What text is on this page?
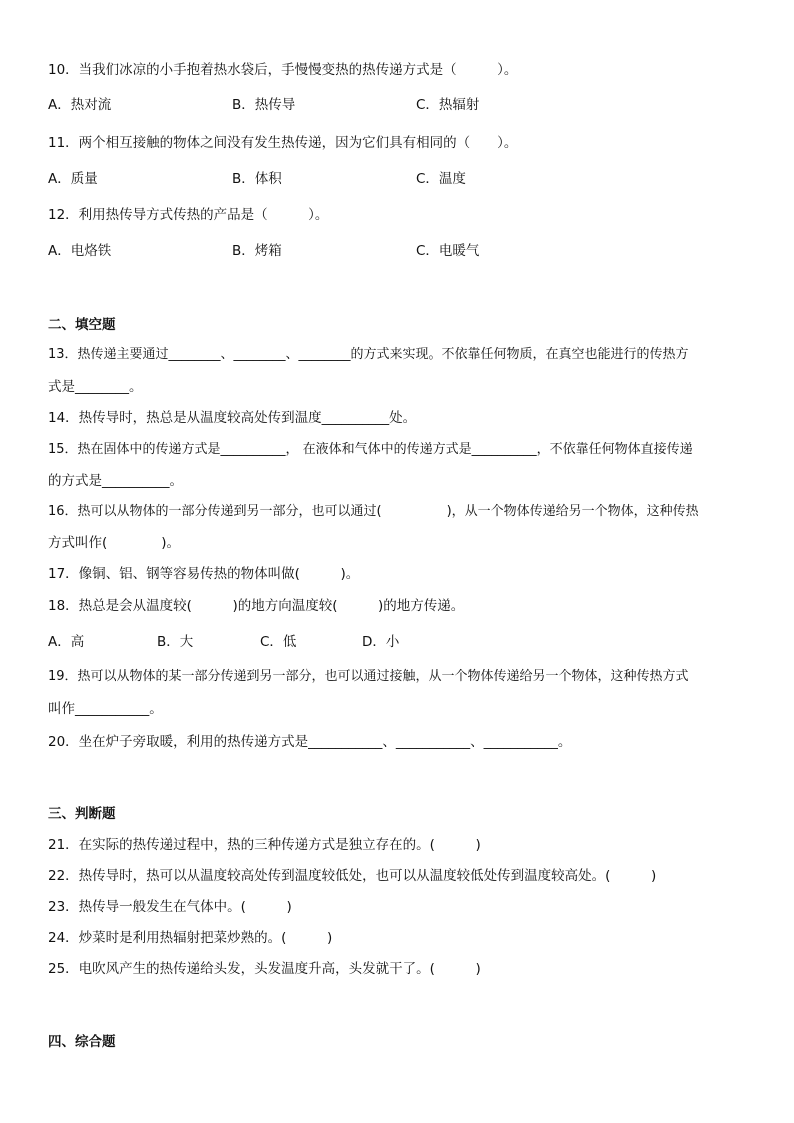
10．当我们冰凉的小手抱着热水袋后，手慢慢变热的热传递方式是（　　　）。
A．热对流	B．热传导	C．热辐射
11．两个相互接触的物体之间没有发生热传递，因为它们具有相同的（　　）。
A．质量	B．体积	C．温度
12．利用热传导方式传热的产品是（　　　）。
A．电烙铁	B．烤箱	C．电暖气
二、填空题
13．热传递主要通过________、________、________的方式来实现。不依靠任何物质，在真空也能进行的传热方
式是________。
14．热传导时，热总是从温度较高处传到温度__________处。
15．热在固体中的传递方式是__________， 在液体和气体中的传递方式是__________，不依靠任何物体直接传递
的方式是__________。
16．热可以从物体的一部分传递到另一部分，也可以通过(　　　　　)，从一个物体传递给另一个物体，这种传热
方式叫作(　　　　)。
17．像铜、铝、钢等容易传热的物体叫做(　　　)。
18．热总是会从温度较(　　　)的地方向温度较(　　　)的地方传递。
A．高	B．大	C．低	D．小
19．热可以从物体的某一部分传递到另一部分，也可以通过接触，从一个物体传递给另一个物体，这种传热方式
叫作___________。
20．坐在炉子旁取暖，利用的热传递方式是___________、___________、___________。
三、判断题
21．在实际的热传递过程中，热的三种传递方式是独立存在的。(　　　)
22．热传导时，热可以从温度较高处传到温度较低处，也可以从温度较低处传到温度较高处。(　　　)
23．热传导一般发生在气体中。(　　　)
24．炒菜时是利用热辐射把菜炒熟的。(　　　)
25．电吹风产生的热传递给头发，头发温度升高，头发就干了。(　　　)
四、综合题
